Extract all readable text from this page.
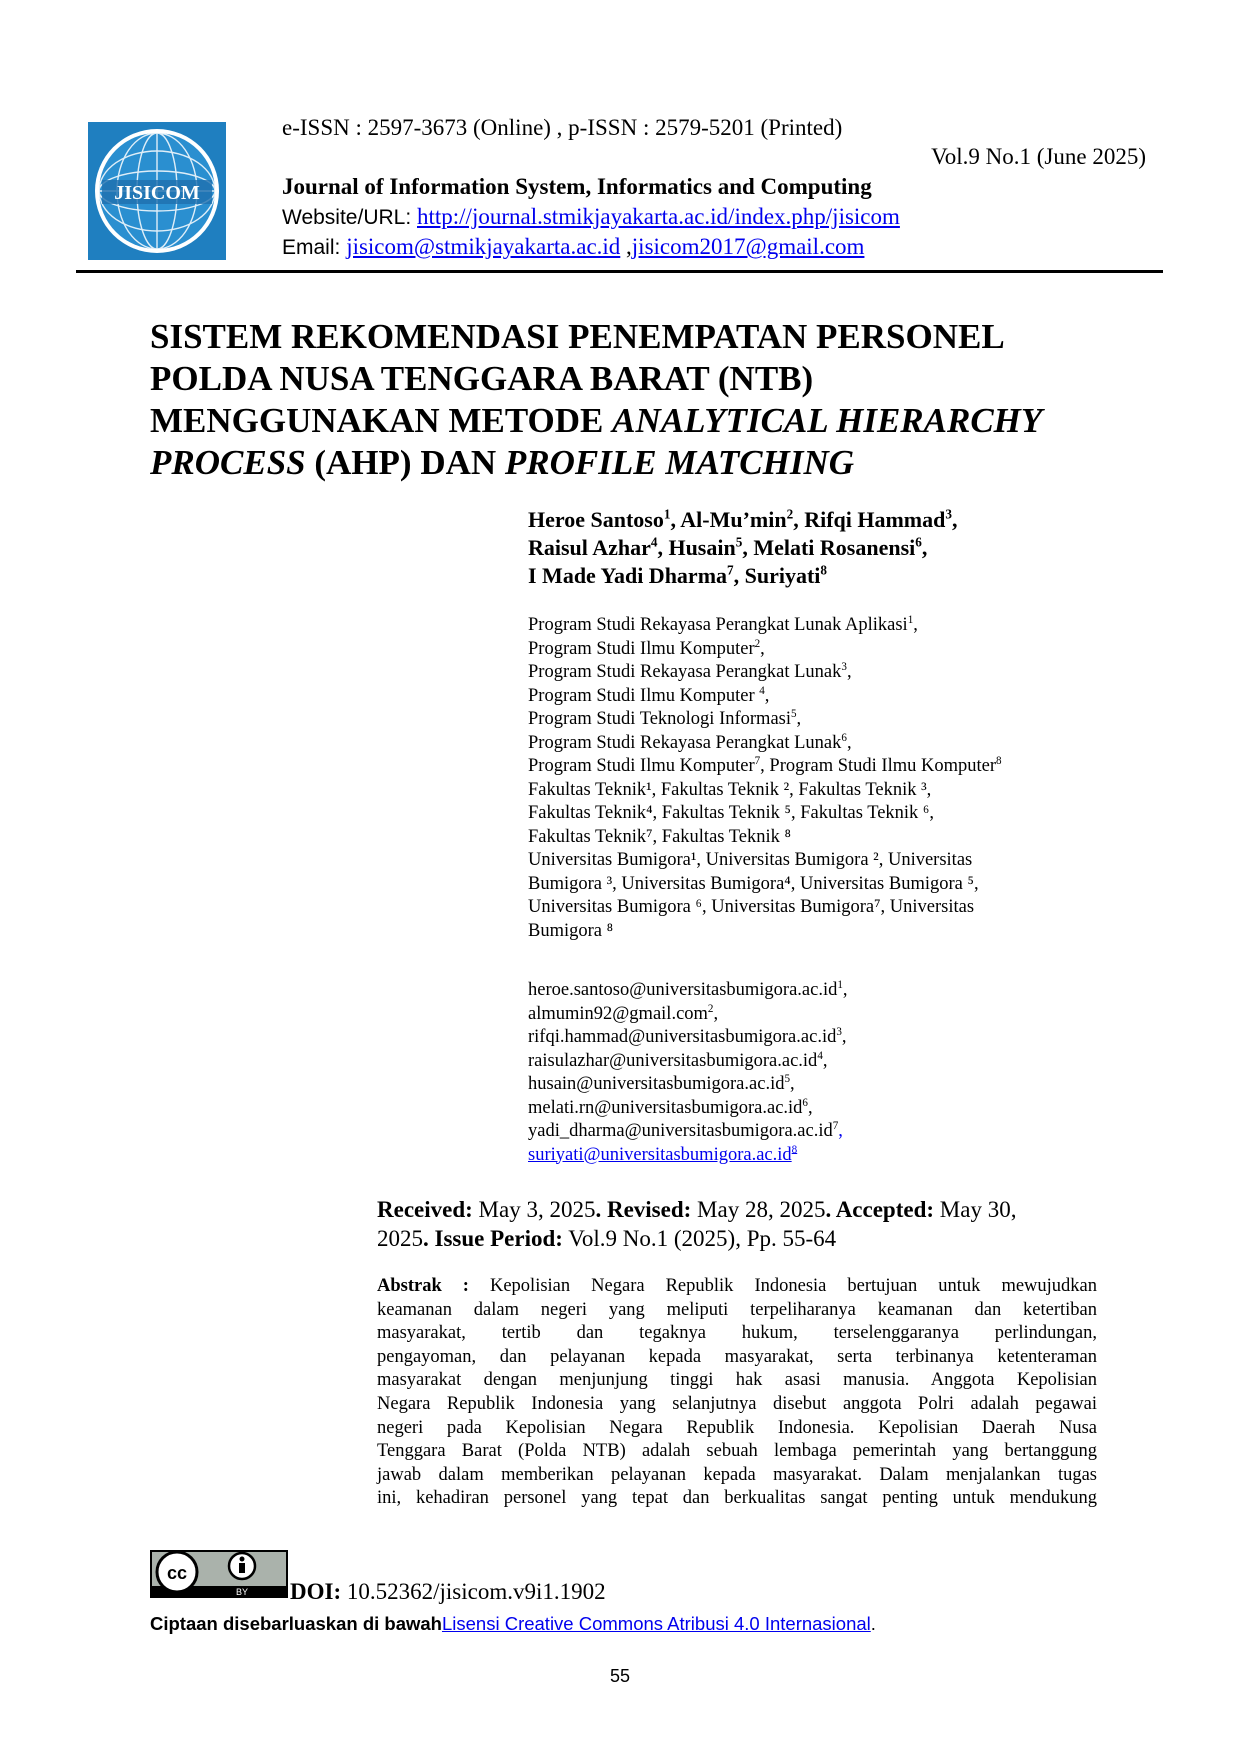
JISICOM
e-ISSN : 2597-3673 (Online) , p-ISSN : 2579-5201 (Printed)
Vol.9 No.1 (June 2025)
Journal of Information System, Informatics and Computing
Website/URL: http://journal.stmikjayakarta.ac.id/index.php/jisicom
Email: jisicom@stmikjayakarta.ac.id ,jisicom2017@gmail.com
SISTEM REKOMENDASI PENEMPATAN PERSONEL
POLDA NUSA TENGGARA BARAT (NTB)
MENGGUNAKAN METODE ANALYTICAL HIERARCHY
PROCESS (AHP) DAN PROFILE MATCHING
Heroe Santoso$^1$, $Al-Mu’\min^2$, Rifqi Hammad$^3$,
Raisul Azhar$^4$, Husain$^5$, Melati Rosanensi$^6$,
I Made Yadi Dharma$^7$, Suriyati$^8$
Program Studi Rekayasa Perangkat Lunak Aplikasi$^1$,
Program Studi Ilmu Komputer$^2$,
Program Studi Rekayasa Perangkat Lunak$^3$,
Program Studi Ilmu Komputer $^4$,
Program Studi Teknologi Informasi$^5$,
Program Studi Rekayasa Perangkat Lunak$^6$,
Program Studi Ilmu Komputer$^7$, Program Studi Ilmu Komputer$^8$
Fakultas Teknik¹, Fakultas Teknik ², Fakultas Teknik ³,
Fakultas Teknik⁴, Fakultas Teknik ⁵, Fakultas Teknik ⁶,
Fakultas Teknik⁷, Fakultas Teknik ⁸
Universitas Bumigora¹, Universitas Bumigora ², Universitas
Bumigora ³, Universitas Bumigora⁴, Universitas Bumigora ⁵,
Universitas Bumigora ⁶, Universitas Bumigora⁷, Universitas
Bumigora ⁸
$heroe.santoso@universitasbumigora.ac.id^1$,
almumin92@gmail.com$^2$,
$rifqi.hammad@universitasbumigora.ac.id^3$,
$raisulazhar@universitasbumigora.ac.id^4$,
$husain@universitasbumigora.ac.id^5$,
$melati.rn@universitasbumigora.ac.id^6$,
$yadi\_dharma@universitasbumigora.ac.id^7$,
$suriyati@universitasbumigora.ac.id^8$
Received: May 3, 2025. Revised: May 28, 2025. Accepted: May 30,
2025. Issue Period: Vol.9 No.1 (2025), Pp. 55-64
Abstrak : Kepolisian Negara Republik Indonesia bertujuan untuk mewujudkan
keamanan dalam negeri yang meliputi terpeliharanya keamanan dan ketertiban
masyarakat, tertib dan tegaknya hukum, terselenggaranya perlindungan,
pengayoman, dan pelayanan kepada masyarakat, serta terbinanya ketenteraman
masyarakat dengan menjunjung tinggi hak asasi manusia. Anggota Kepolisian
Negara Republik Indonesia yang selanjutnya disebut anggota Polri adalah pegawai
negeri pada Kepolisian Negara Republik Indonesia. Kepolisian Daerah Nusa
Tenggara Barat (Polda NTB) adalah sebuah lembaga pemerintah yang bertanggung
jawab dalam memberikan pelayanan kepada masyarakat. Dalam menjalankan tugas
ini, kehadiran personel yang tepat dan berkualitas sangat penting untuk mendukung
cc
BY DOI: 10.52362/jisicom.v9i1.1902
Ciptaan disebarluaskan di bawahLisensi Creative Commons Atribusi 4.0 Internasional.
55
